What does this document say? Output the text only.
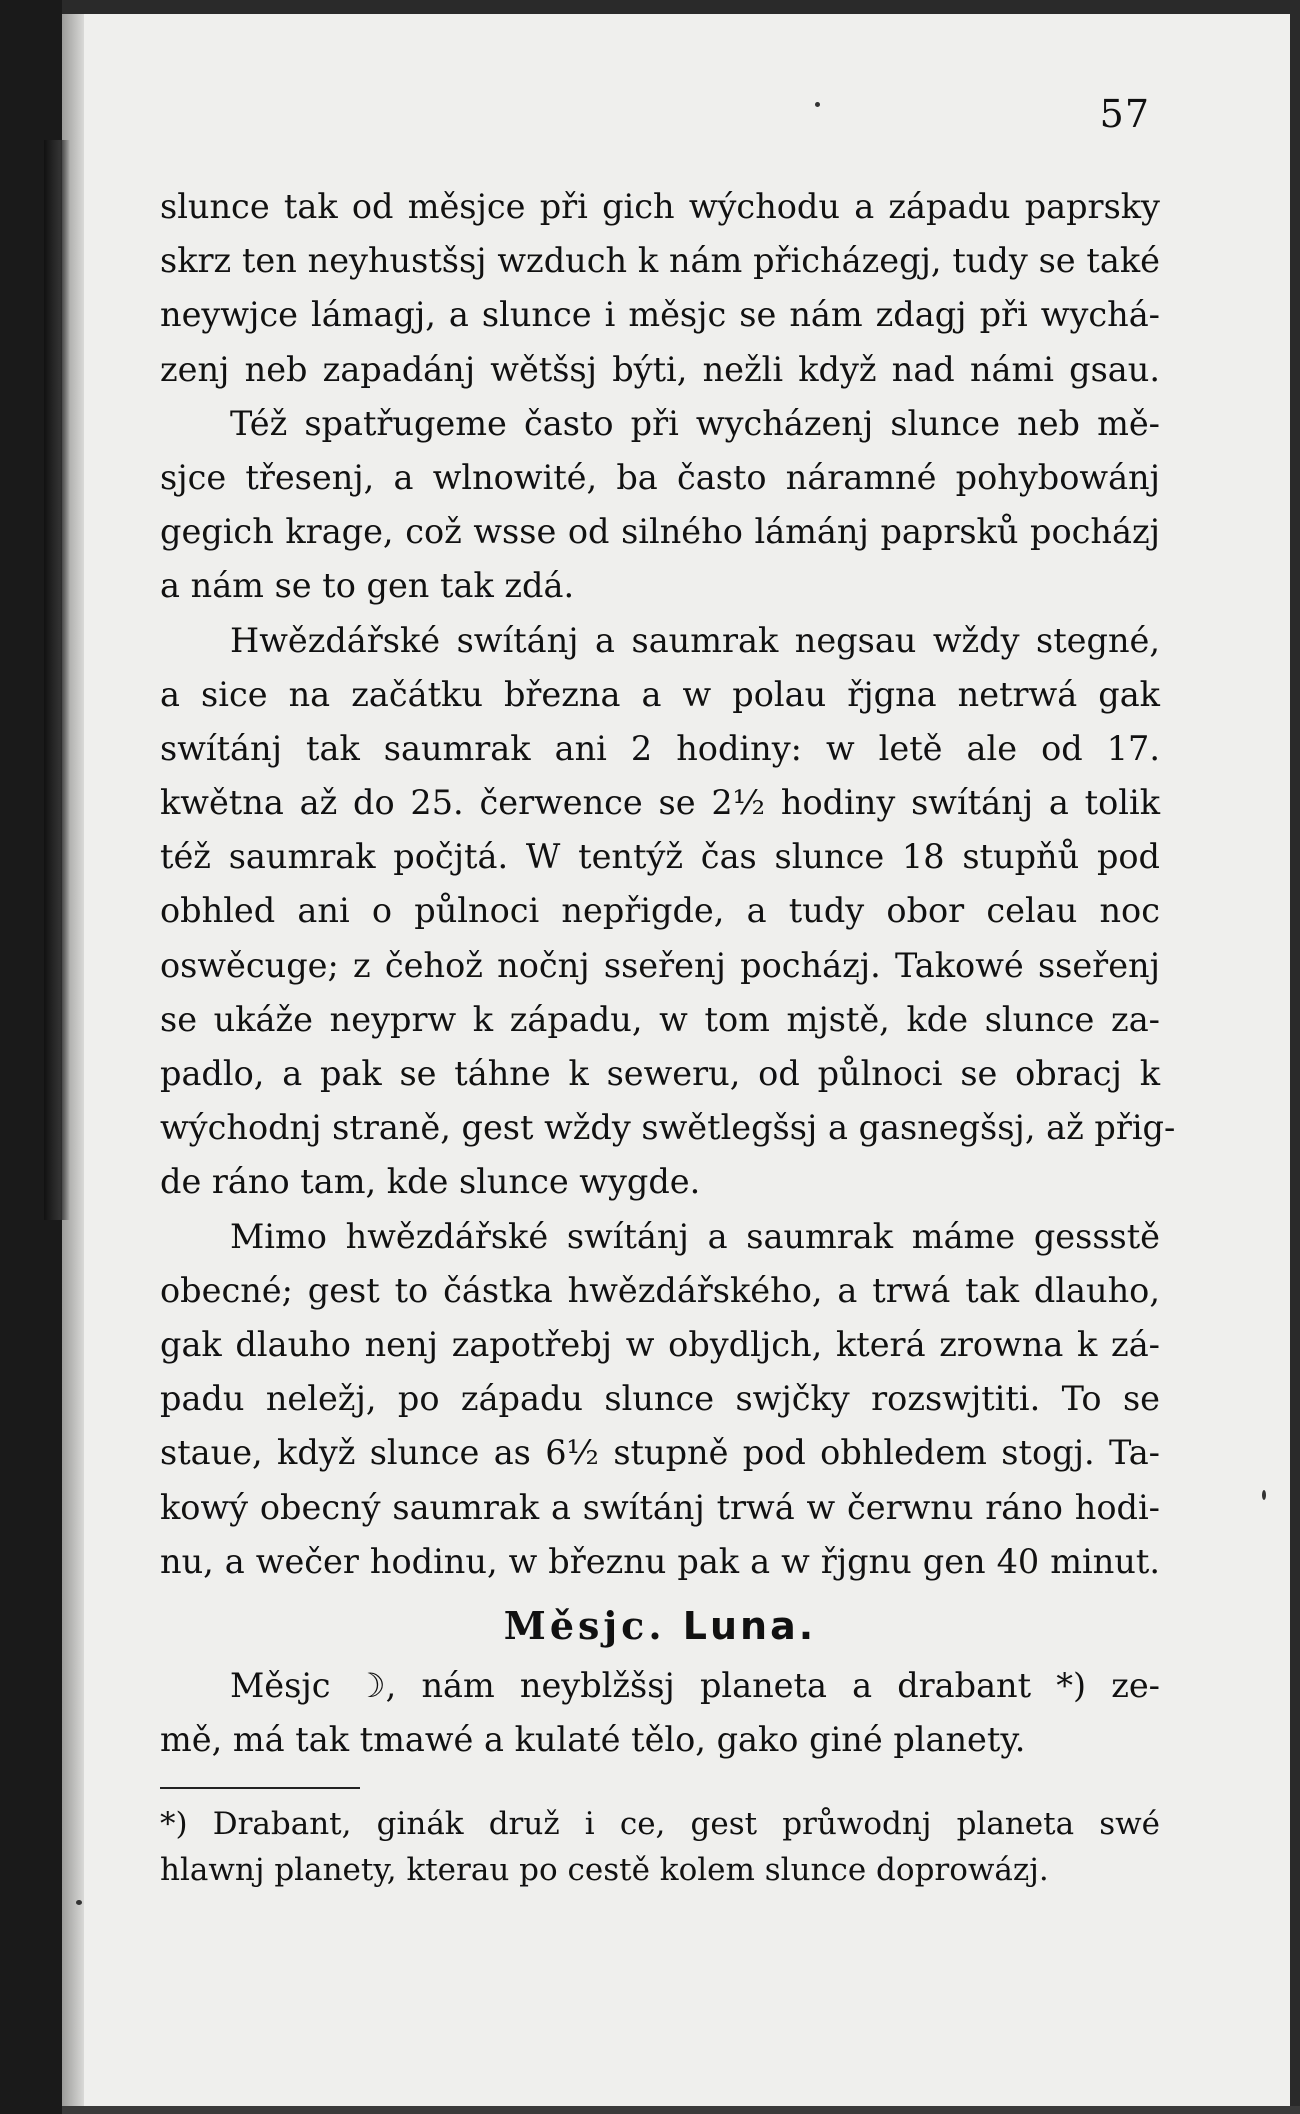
57
slunce tak od měsjce při gich wýchodu a západu paprsky
skrz ten neyhustšsj wzduch k nám přicházegj, tudy se také
neywjce lámagj, a slunce i měsjc se nám zdagj při wychá-
zenj neb zapadánj wětšsj býti, nežli když nad námi gsau.
Též spatřugeme často při wycházenj slunce neb mě-
sjce třesenj, a wlnowité, ba často náramné pohybowánj
gegich krage, což wsse od silného lámánj paprsků pocházj
a nám se to gen tak zdá.
Hwězdářské swítánj a saumrak negsau wždy stegné,
a sice na začátku března a w polau řjgna netrwá gak
swítánj tak saumrak ani 2 hodiny: w letě ale od 17.
kwětna až do 25. čerwence se 2½ hodiny swítánj a tolik
též saumrak počjtá. W tentýž čas slunce 18 stupňů pod
obhled ani o půlnoci nepřigde, a tudy obor celau noc
oswěcuge; z čehož nočnj sseřenj pocházj. Takowé sseřenj
se ukáže neyprw k západu, w tom mjstě, kde slunce za-
padlo, a pak se táhne k seweru, od půlnoci se obracj k
wýchodnj straně, gest wždy swětlegšsj a gasnegšsj, až přig-
de ráno tam, kde slunce wygde.
Mimo hwězdářské swítánj a saumrak máme gessstě
obecné; gest to částka hwězdářského, a trwá tak dlauho,
gak dlauho nenj zapotřebj w obydljch, která zrowna k zá-
padu neležj, po západu slunce swjčky rozswjtiti. To se
staue, když slunce as 6½ stupně pod obhledem stogj. Ta-
kowý obecný saumrak a swítánj trwá w čerwnu ráno hodi-
nu, a wečer hodinu, w březnu pak a w řjgnu gen 40 minut.
Měsjc. Luna.
Měsjc ☽, nám neyblžšsj planeta a drabant *) ze-
mě, má tak tmawé a kulaté tělo, gako giné planety.
*) Drabant, ginák druž i ce, gest průwodnj planeta swé
hlawnj planety, kterau po cestě kolem slunce doprowázj.
